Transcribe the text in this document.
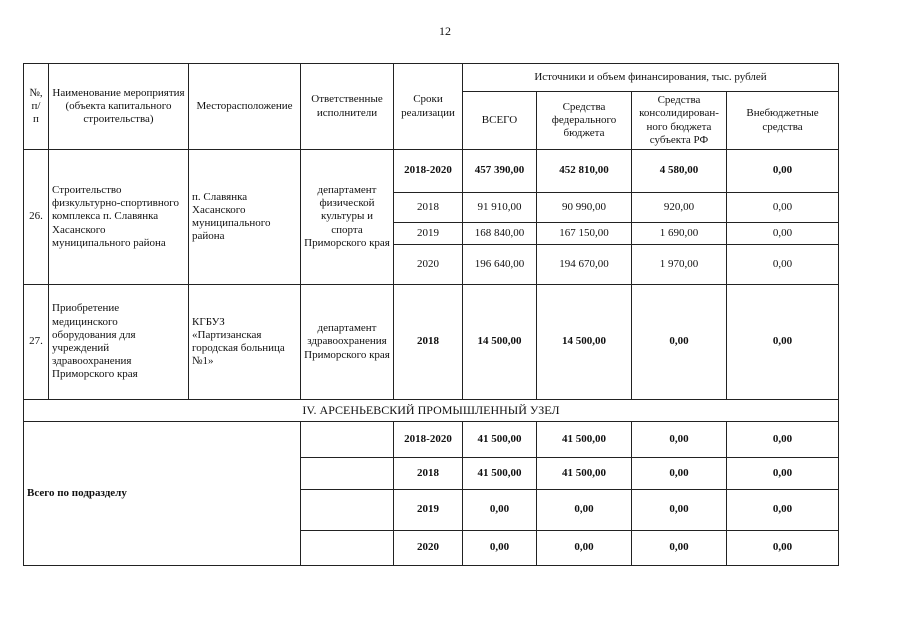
12
№,
п/
п	Наименование мероприятия (объекта капитального строительства)	Месторасположение	Ответственные исполнители	Сроки реализации	Источники и объем финансирования, тыс. рублей			
					ВСЕГО	Средства федерального бюджета	Средства консолидирован-ного бюджета субъекта РФ	Внебюджетные средства
26.	Строительство физкультурно-спортивного комплекса п. Славянка Хасанского муниципального района	п. Славянка Хасанского муниципального района	департамент физической культуры и спорта Приморского края	2018-2020	457 390,00	452 810,00	4 580,00	0,00
				2018	91 910,00	90 990,00	920,00	0,00
				2019	168 840,00	167 150,00	1 690,00	0,00
				2020	196 640,00	194 670,00	1 970,00	0,00
27.	Приобретение медицинского оборудования для учреждений здравоохранения Приморского края	КГБУЗ «Партизанская городская больница №1»	департамент здравоохранения Приморского края	2018	14 500,00	14 500,00	0,00	0,00
IV. АРСЕНЬЕВСКИЙ ПРОМЫШЛЕННЫЙ УЗЕЛ								
Всего по подразделу				2018-2020	41 500,00	41 500,00	0,00	0,00
				2018	41 500,00	41 500,00	0,00	0,00
				2019	0,00	0,00	0,00	0,00
				2020	0,00	0,00	0,00	0,00
